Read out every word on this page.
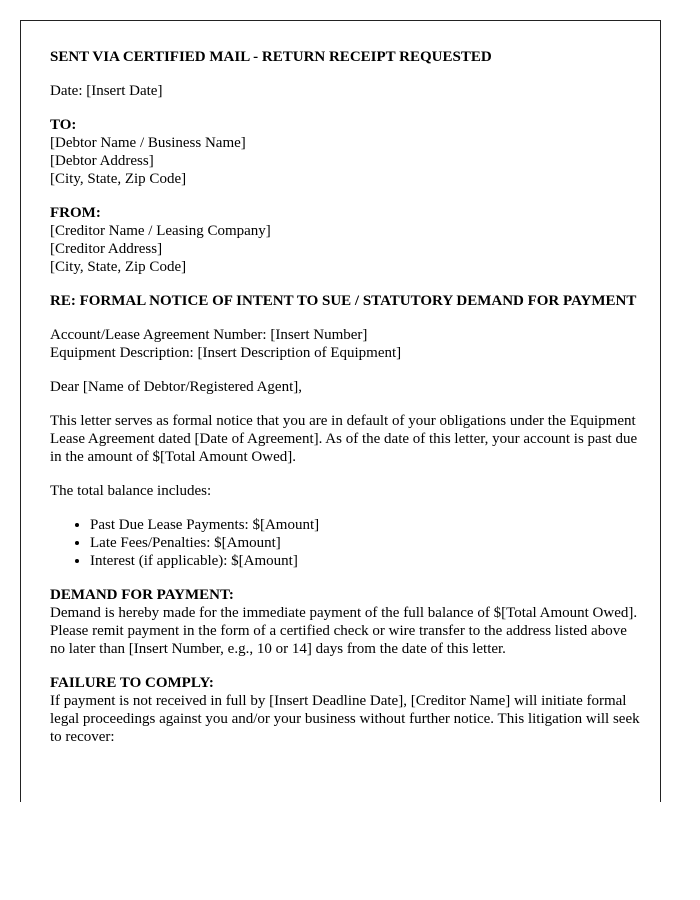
SENT VIA CERTIFIED MAIL - RETURN RECEIPT REQUESTED
Date: [Insert Date]
TO:
[Debtor Name / Business Name]
[Debtor Address]
[City, State, Zip Code]
FROM:
[Creditor Name / Leasing Company]
[Creditor Address]
[City, State, Zip Code]
RE: FORMAL NOTICE OF INTENT TO SUE / STATUTORY DEMAND FOR PAYMENT
Account/Lease Agreement Number: [Insert Number]
Equipment Description: [Insert Description of Equipment]
Dear [Name of Debtor/Registered Agent],
This letter serves as formal notice that you are in default of your obligations under the Equipment Lease Agreement dated [Date of Agreement]. As of the date of this letter, your account is past due in the amount of $[Total Amount Owed].
The total balance includes:
• Past Due Lease Payments: $[Amount]
• Late Fees/Penalties: $[Amount]
• Interest (if applicable): $[Amount]
DEMAND FOR PAYMENT:
Demand is hereby made for the immediate payment of the full balance of $[Total Amount Owed]. Please remit payment in the form of a certified check or wire transfer to the address listed above no later than [Insert Number, e.g., 10 or 14] days from the date of this letter.
FAILURE TO COMPLY:
If payment is not received in full by [Insert Deadline Date], [Creditor Name] will initiate formal legal proceedings against you and/or your business without further notice. This litigation will seek to recover:
